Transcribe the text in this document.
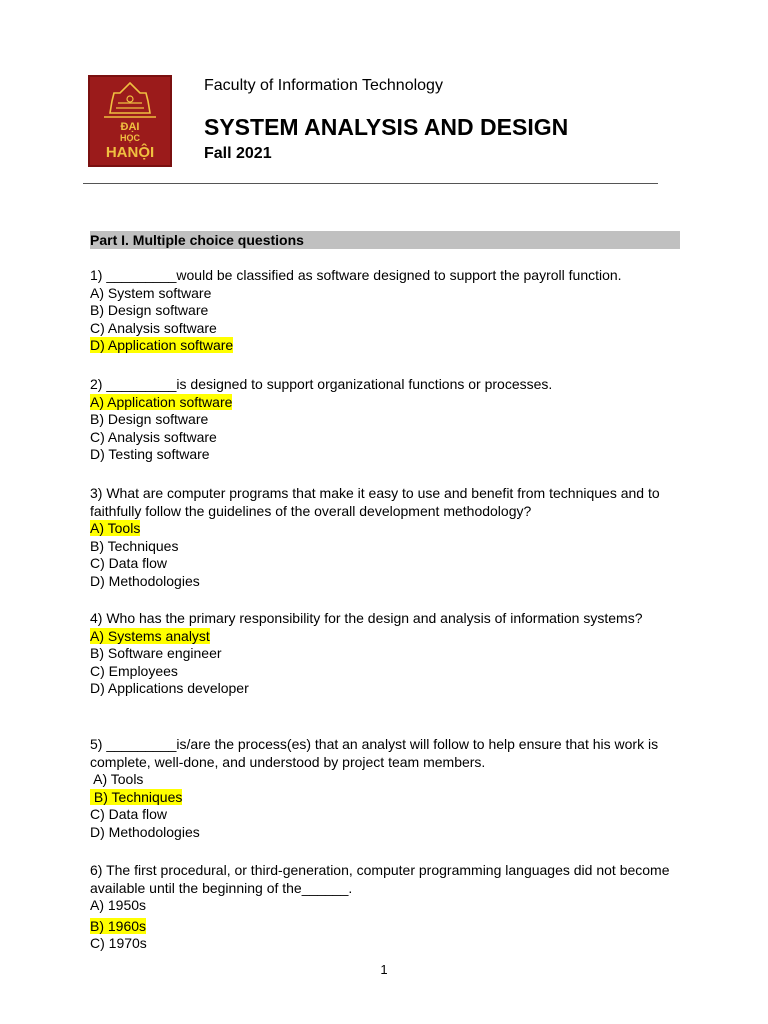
ĐẠI
HỌC
HANỘI
Faculty of Information Technology
SYSTEM ANALYSIS AND DESIGN
Fall 2021
Part I. Multiple choice questions

1) _________would be classified as software designed to support the payroll function.

A) System software
B) Design software
C) Analysis software
D) Application software

2) _________is designed to support organizational functions or processes.

A) Application software
B) Design software
C) Analysis software
D) Testing software

3) What are computer programs that make it easy to use and benefit from techniques and to faithfully follow the guidelines of the overall development methodology?

A) Tools
B) Techniques
C) Data flow
D) Methodologies

4) Who has the primary responsibility for the design and analysis of information systems?

A) Systems analyst
B) Software engineer
C) Employees
D) Applications developer

5) _________is/are the process(es) that an analyst will follow to help ensure that his work is complete, well-done, and understood by project team members.

A) Tools
B) Techniques
C) Data flow
D) Methodologies

6) The first procedural, or third-generation, computer programming languages did not become available until the beginning of the______.

A) 1950s
B) 1960s
C) 1970s
1
